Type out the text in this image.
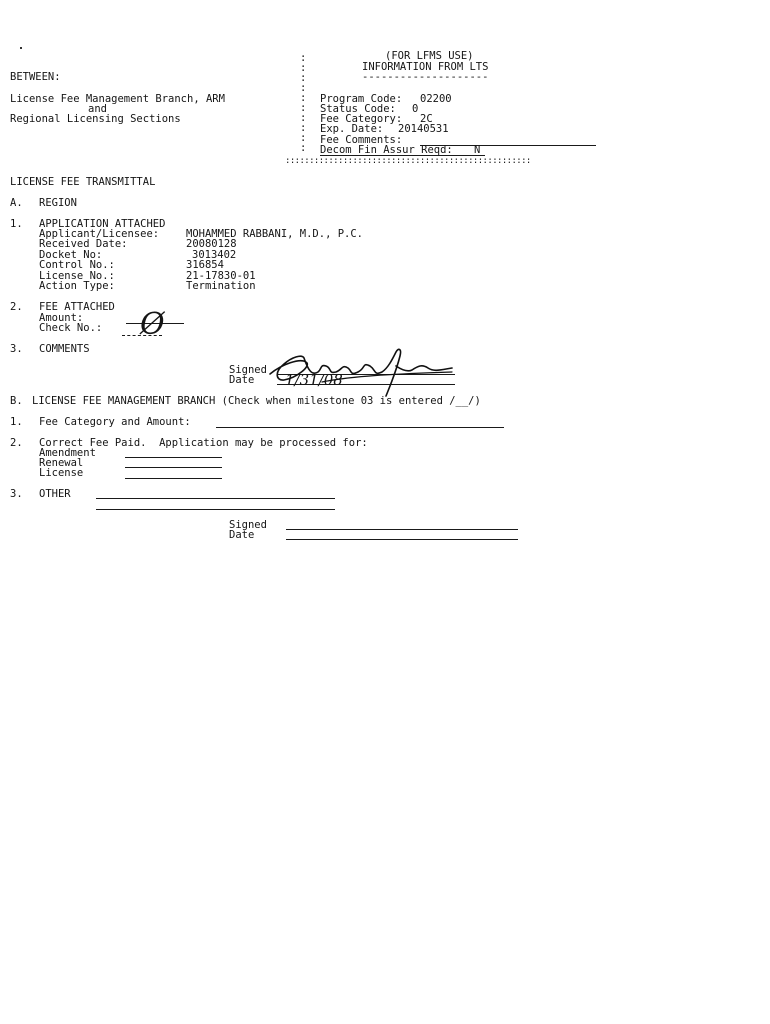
BETWEEN:
License Fee Management Branch, ARM
and
Regional Licensing Sections
:
:
:
:
:
:
:
:
:
:
(FOR LFMS USE)
INFORMATION FROM LTS
--------------------
Program Code: 02200
Status Code: 0
Fee Category: 2C
Exp. Date: 20140531
Fee Comments:
Decom Fin Assur Reqd: N
:::::::::::::::::::::::::::::::::::::::::::::::::::
LICENSE FEE TRANSMITTAL
A. REGION
1. APPLICATION ATTACHED
Applicant/Licensee:	MOHAMMED RABBANI, M.D., P.C.
Received Date:	20080128
Docket No:	3013402
Control No.:	316854
License No.:	21-17830-01
Action Type:	Termination
2. FEE ATTACHED
Amount:
Check No.: Ø
3. COMMENTS
Signed
Date 1/31/08
B. LICENSE FEE MANAGEMENT BRANCH (Check when milestone 03 is entered /__/)
1. Fee Category and Amount:
2. Correct Fee Paid.  Application may be processed for:
Amendment
Renewal
License
3. OTHER
Signed
Date
